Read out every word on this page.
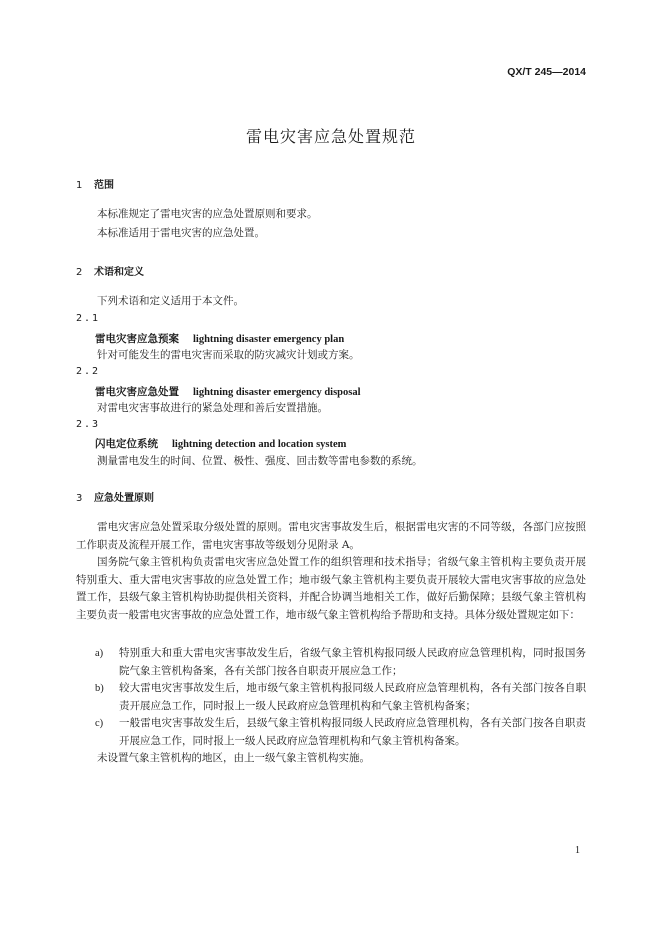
QX/T 245—2014
雷电灾害应急处置规范
1 范围
本标准规定了雷电灾害的应急处置原则和要求。
本标准适用于雷电灾害的应急处置。
2 术语和定义
下列术语和定义适用于本文件。
2.1
雷电灾害应急预案 lightning disaster emergency plan
针对可能发生的雷电灾害而采取的防灾减灾计划或方案。
2.2
雷电灾害应急处置 lightning disaster emergency disposal
对雷电灾害事故进行的紧急处理和善后安置措施。
2.3
闪电定位系统 lightning detection and location system
测量雷电发生的时间、位置、极性、强度、回击数等雷电参数的系统。
3 应急处置原则

雷电灾害应急处置采取分级处置的原则。雷电灾害事故发生后，根据雷电灾害的不同等级，各部门应按照工作职责及流程开展工作，雷电灾害事故等级划分见附录 A。

国务院气象主管机构负责雷电灾害应急处置工作的组织管理和技术指导；省级气象主管机构主要负责开展特别重大、重大雷电灾害事故的应急处置工作；地市级气象主管机构主要负责开展较大雷电灾害事故的应急处置工作，县级气象主管机构协助提供相关资料，并配合协调当地相关工作，做好后勤保障；县级气象主管机构主要负责一般雷电灾害事故的应急处置工作，地市级气象主管机构给予帮助和支持。具体分级处置规定如下：

a)	特别重大和重大雷电灾害事故发生后，省级气象主管机构报同级人民政府应急管理机构，同时报国务院气象主管机构备案，各有关部门按各自职责开展应急工作；
b)	较大雷电灾害事故发生后，地市级气象主管机构报同级人民政府应急管理机构，各有关部门按各自职责开展应急工作，同时报上一级人民政府应急管理机构和气象主管机构备案；
c)	一般雷电灾害事故发生后，县级气象主管机构报同级人民政府应急管理机构，各有关部门按各自职责开展应急工作，同时报上一级人民政府应急管理机构和气象主管机构备案。
未设置气象主管机构的地区，由上一级气象主管机构实施。
1
